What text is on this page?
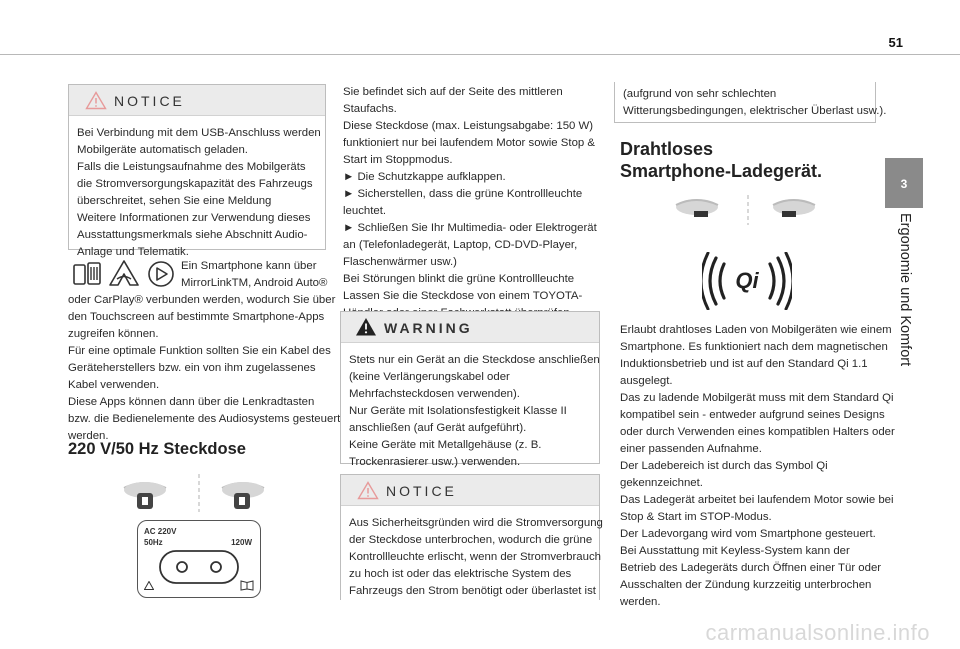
51
3
Ergonomie und Komfort
NOTICE
Bei Verbindung mit dem USB-Anschluss werden
Mobilgeräte automatisch geladen.
Falls die Leistungsaufnahme des Mobilgeräts
die Stromversorgungskapazität des Fahrzeugs
überschreitet, sehen Sie eine Meldung
Weitere Informationen zur Verwendung dieses
Ausstattungsmerkmals siehe Abschnitt Audio-
Anlage und Telematik.
Ein Smartphone kann über
MirrorLinkTM, Android Auto®
oder CarPlay® verbunden werden, wodurch Sie über
den Touchscreen auf bestimmte Smartphone-Apps
zugreifen können.
Für eine optimale Funktion sollten Sie ein Kabel des
Geräteherstellers bzw. ein von ihm zugelassenes
Kabel verwenden.
Diese Apps können dann über die Lenkradtasten
bzw. die Bedienelemente des Audiosystems gesteuert
werden.
220 V/50 Hz Steckdose
AC 220V
50Hz	120W
Sie befindet sich auf der Seite des mittleren
Staufachs.
Diese Steckdose (max. Leistungsabgabe: 150 W)
funktioniert nur bei laufendem Motor sowie Stop &
Start im Stoppmodus.
► Die Schutzkappe aufklappen.
► Sicherstellen, dass die grüne Kontrollleuchte
leuchtet.
► Schließen Sie Ihr Multimedia- oder Elektrogerät
an (Telefonladegerät, Laptop, CD-DVD-Player,
Flaschenwärmer usw.)
Bei Störungen blinkt die grüne Kontrollleuchte
Lassen Sie die Steckdose von einem TOYOTA-
WARNING
Stets nur ein Gerät an die Steckdose anschließen
(keine Verlängerungskabel oder
Mehrfachsteckdosen verwenden).
Nur Geräte mit Isolationsfestigkeit Klasse II
anschließen (auf Gerät aufgeführt).
Keine Geräte mit Metallgehäuse (z. B.
Trockenrasierer usw.) verwenden.
NOTICE
Aus Sicherheitsgründen wird die Stromversorgung
der Steckdose unterbrochen, wodurch die grüne
Kontrollleuchte erlischt, wenn der Stromverbrauch
zu hoch ist oder das elektrische System des
Fahrzeugs den Strom benötigt oder überlastet ist
(aufgrund von sehr schlechten
Witterungsbedingungen, elektrischer Überlast usw.).
Drahtloses
Smartphone-Ladegerät.
Qi
Erlaubt drahtloses Laden von Mobilgeräten wie einem
Smartphone. Es funktioniert nach dem magnetischen
Induktionsbetrieb und ist auf den Standard Qi 1.1
ausgelegt.
Das zu ladende Mobilgerät muss mit dem Standard Qi
kompatibel sein - entweder aufgrund seines Designs
oder durch Verwenden eines kompatiblen Halters oder
einer passenden Aufnahme.
Der Ladebereich ist durch das Symbol Qi
gekennzeichnet.
Das Ladegerät arbeitet bei laufendem Motor sowie bei
Stop & Start im STOP-Modus.
Der Ladevorgang wird vom Smartphone gesteuert.
Bei Ausstattung mit Keyless-System kann der
Betrieb des Ladegeräts durch Öffnen einer Tür oder
Ausschalten der Zündung kurzzeitig unterbrochen
werden.
carmanualsonline.info
